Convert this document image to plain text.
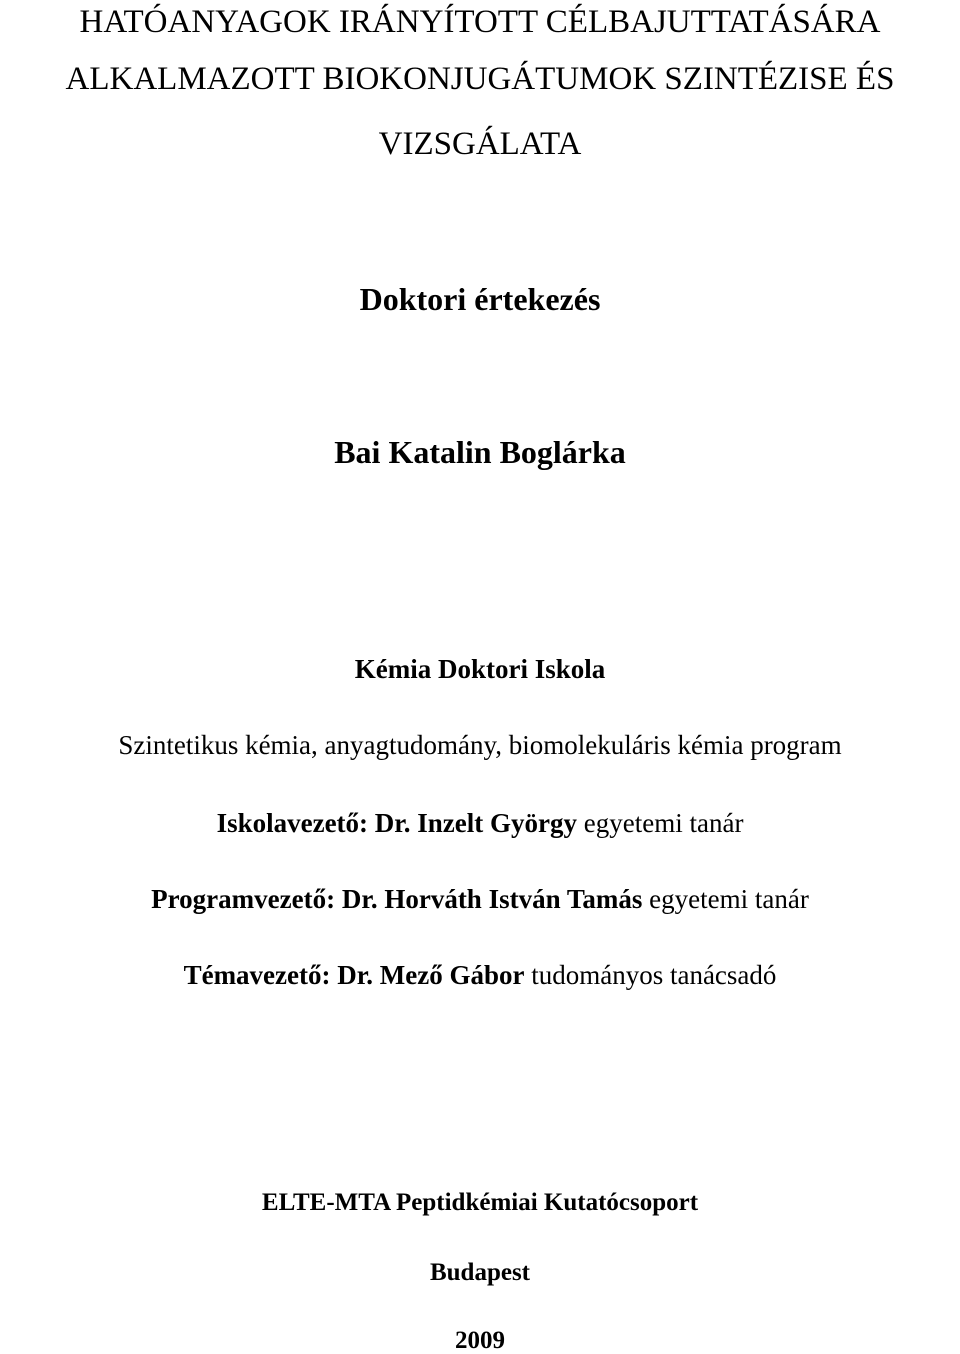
HATÓANYAGOK IRÁNYÍTOTT CÉLBAJUTTATÁSÁRA
ALKALMAZOTT BIOKONJUGÁTUMOK SZINTÉZISE ÉS
VIZSGÁLATA
Doktori értekezés
Bai Katalin Boglárka
Kémia Doktori Iskola
Szintetikus kémia, anyagtudomány, biomolekuláris kémia program
Iskolavezető: Dr. Inzelt György egyetemi tanár
Programvezető: Dr. Horváth István Tamás egyetemi tanár
Témavezető: Dr. Mező Gábor tudományos tanácsadó
ELTE-MTA Peptidkémiai Kutatócsoport
Budapest
2009
